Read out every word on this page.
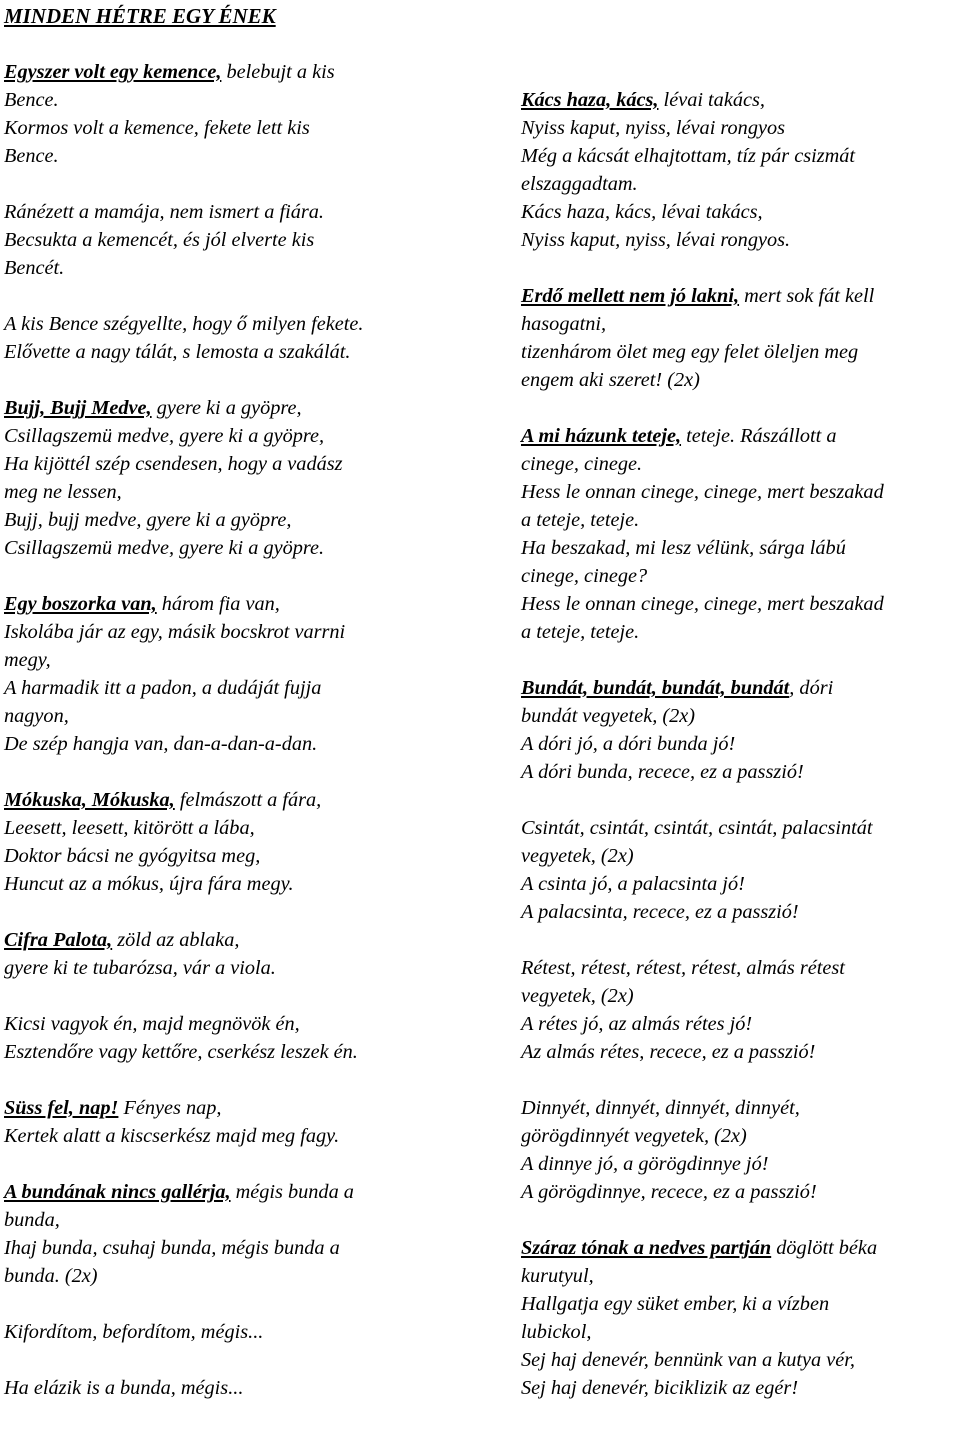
MINDEN HÉTRE EGY ÉNEK
Egyszer volt egy kemence, belebujt a kis
Bence.
Kormos volt a kemence, fekete lett kis
Bence.
Ránézett a mamája, nem ismert a fiára.
Becsukta a kemencét, és jól elverte kis
Bencét.
A kis Bence szégyellte, hogy ő milyen fekete.
Elővette a nagy tálát, s lemosta a szakálát.
Bujj, Bujj Medve, gyere ki a gyöpre,
Csillagszemü medve, gyere ki a gyöpre,
Ha kijöttél szép csendesen, hogy a vadász
meg ne lessen,
Bujj, bujj medve, gyere ki a gyöpre,
Csillagszemü medve, gyere ki a gyöpre.
Egy boszorka van, három fia van,
Iskolába jár az egy, másik bocskrot varrni
megy,
A harmadik itt a padon, a dudáját fujja
nagyon,
De szép hangja van, dan-a-dan-a-dan.
Mókuska, Mókuska, felmászott a fára,
Leesett, leesett, kitörött a lába,
Doktor bácsi ne gyógyitsa meg,
Huncut az a mókus, újra fára megy.
Cifra Palota, zöld az ablaka,
gyere ki te tubarózsa, vár a viola.
Kicsi vagyok én, majd megnövök én,
Esztendőre vagy kettőre, cserkész leszek én.
Süss fel, nap! Fényes nap,
Kertek alatt a kiscserkész majd meg fagy.
A bundának nincs gallérja, mégis bunda a
bunda,
Ihaj bunda, csuhaj bunda, mégis bunda a
bunda. (2x)
Kifordítom, befordítom, mégis...
Ha elázik is a bunda, mégis...
Kács haza, kács, lévai takács,
Nyiss kaput, nyiss, lévai rongyos
Még a kácsát elhajtottam, tíz pár csizmát
elszaggadtam.
Kács haza, kács, lévai takács,
Nyiss kaput, nyiss, lévai rongyos.
Erdő mellett nem jó lakni, mert sok fát kell
hasogatni,
tizenhárom ölet meg egy felet öleljen meg
engem aki szeret! (2x)
A mi házunk teteje, teteje. Rászállott a
cinege, cinege.
Hess le onnan cinege, cinege, mert beszakad
a teteje, teteje.
Ha beszakad, mi lesz vélünk, sárga lábú
cinege, cinege?
Hess le onnan cinege, cinege, mert beszakad
a teteje, teteje.
Bundát, bundát, bundát, bundát, dóri
bundát vegyetek, (2x)
A dóri jó, a dóri bunda jó!
A dóri bunda, recece, ez a passzió!
Csintát, csintát, csintát, csintát, palacsintát
vegyetek, (2x)
A csinta jó, a palacsinta jó!
A palacsinta, recece, ez a passzió!
Rétest, rétest, rétest, rétest, almás rétest
vegyetek, (2x)
A rétes jó, az almás rétes jó!
Az almás rétes, recece, ez a passzió!
Dinnyét, dinnyét, dinnyét, dinnyét,
görögdinnyét vegyetek, (2x)
A dinnye jó, a görögdinnye jó!
A görögdinnye, recece, ez a passzió!
Száraz tónak a nedves partján döglött béka
kurutyul,
Hallgatja egy süket ember, ki a vízben
lubickol,
Sej haj denevér, bennünk van a kutya vér,
Sej haj denevér, biciklizik az egér!
